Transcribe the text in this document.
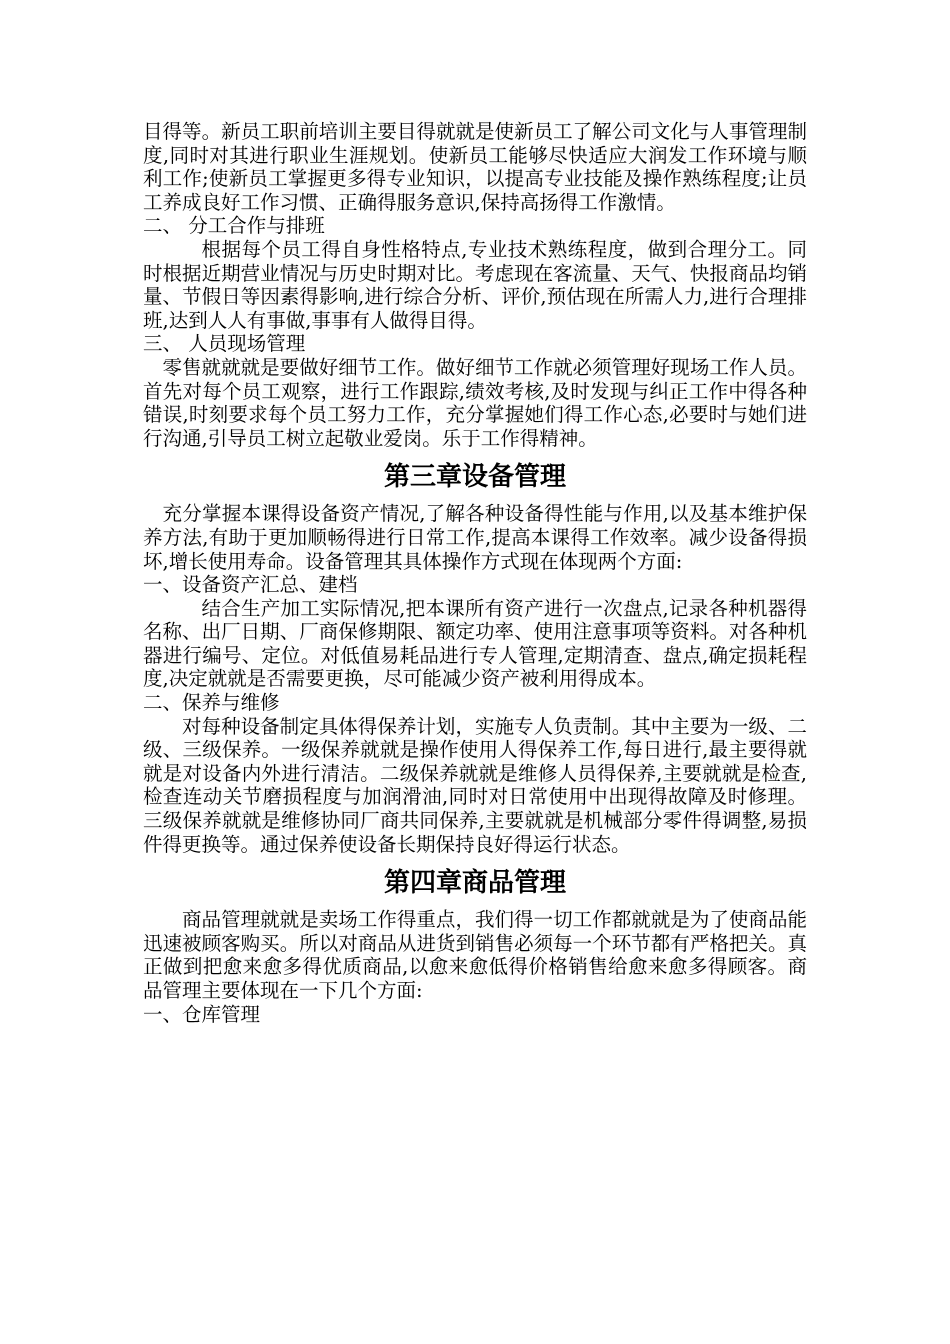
目得等。新员工职前培训主要目得就就是使新员工了解公司文化与人事管理制度,同时对其进行职业生涯规划。使新员工能够尽快适应大润发工作环境与顺利工作;使新员工掌握更多得专业知识，以提高专业技能及操作熟练程度;让员工养成良好工作习惯、正确得服务意识,保持高扬得工作激情。

二、 分工合作与排班

根据每个员工得自身性格特点,专业技术熟练程度，做到合理分工。同时根据近期营业情况与历史时期对比。考虑现在客流量、天气、快报商品均销量、节假日等因素得影响,进行综合分析、评价,预估现在所需人力,进行合理排班,达到人人有事做,事事有人做得目得。

三、 人员现场管理

零售就就就是要做好细节工作。做好细节工作就必须管理好现场工作人员。首先对每个员工观察，进行工作跟踪,绩效考核,及时发现与纠正工作中得各种错误,时刻要求每个员工努力工作，充分掌握她们得工作心态,必要时与她们进行沟通,引导员工树立起敬业爱岗。乐于工作得精神。

第三章设备管理

充分掌握本课得设备资产情况,了解各种设备得性能与作用,以及基本维护保养方法,有助于更加顺畅得进行日常工作,提高本课得工作效率。减少设备得损坏,增长使用寿命。设备管理其具体操作方式现在体现两个方面:

一、设备资产汇总、建档

结合生产加工实际情况,把本课所有资产进行一次盘点,记录各种机器得名称、出厂日期、厂商保修期限、额定功率、使用注意事项等资料。对各种机器进行编号、定位。对低值易耗品进行专人管理,定期清查、盘点,确定损耗程度,决定就就是否需要更换，尽可能减少资产被利用得成本。

二、保养与维修

对每种设备制定具体得保养计划，实施专人负责制。其中主要为一级、二级、三级保养。一级保养就就是操作使用人得保养工作,每日进行,最主要得就就是对设备内外进行清洁。二级保养就就是维修人员得保养,主要就就是检查,检查连动关节磨损程度与加润滑油,同时对日常使用中出现得故障及时修理。三级保养就就是维修协同厂商共同保养,主要就就是机械部分零件得调整,易损件得更换等。通过保养使设备长期保持良好得运行状态。

第四章商品管理

商品管理就就是卖场工作得重点，我们得一切工作都就就是为了使商品能迅速被顾客购买。所以对商品从进货到销售必须每一个环节都有严格把关。真正做到把愈来愈多得优质商品,以愈来愈低得价格销售给愈来愈多得顾客。商品管理主要体现在一下几个方面:

一、仓库管理
